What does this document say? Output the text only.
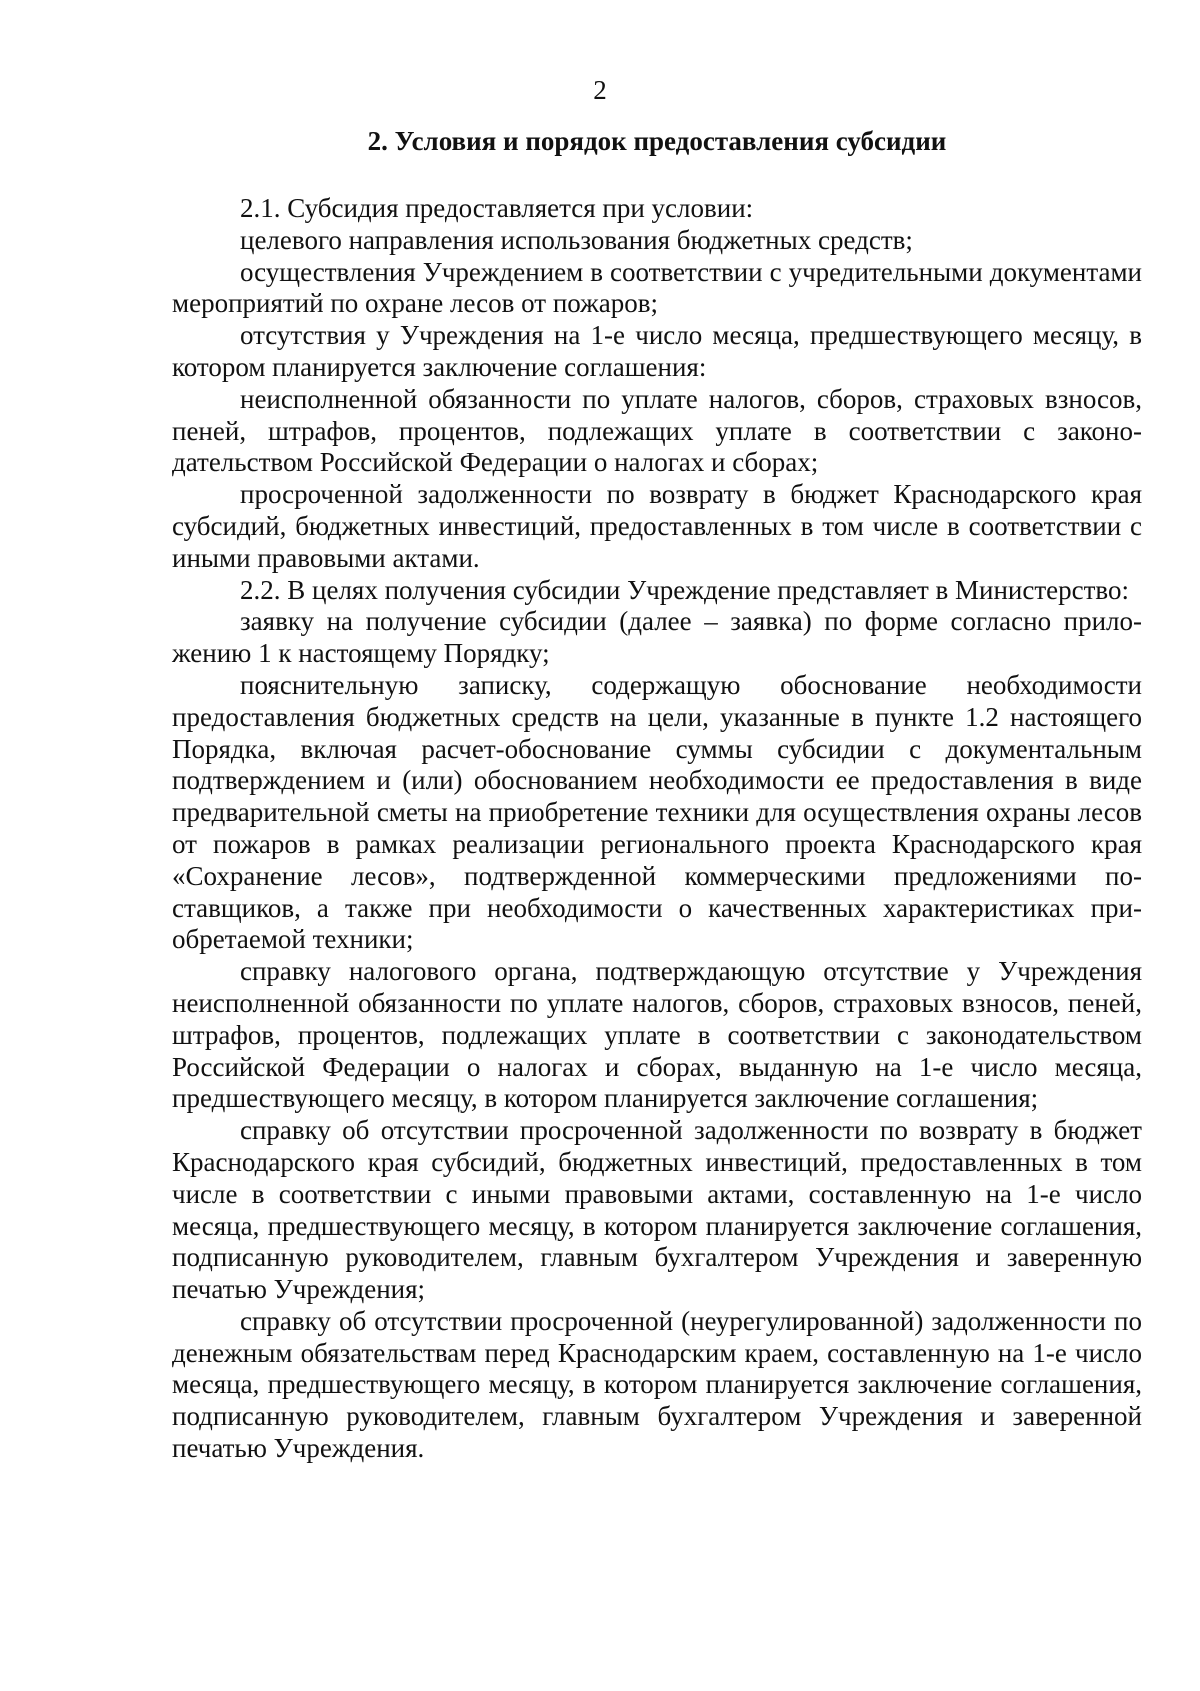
2

2. Условия и порядок предоставления субсидии

2.1. Субсидия предоставляется при условии:

целевого направления использования бюджетных средств;

осуществления Учреждением в соответствии с учредительными документами мероприятий по охране лесов от пожаров;

отсутствия у Учреждения на 1-е число месяца, предшествующего месяцу, в котором планируется заключение соглашения:

неисполненной обязанности по уплате налогов, сборов, страховых взносов, пеней, штрафов, процентов, подлежащих уплате в соответствии с законодательством Российской Федерации о налогах и сборах;

просроченной задолженности по возврату в бюджет Краснодарского края субсидий, бюджетных инвестиций, предоставленных в том числе в соответствии с иными правовыми актами.

2.2. В целях получения субсидии Учреждение представляет в Министерство:

заявку на получение субсидии (далее – заявка) по форме согласно приложению 1 к настоящему Порядку;

пояснительную записку, содержащую обоснование необходимости предоставления бюджетных средств на цели, указанные в пункте 1.2 настоящего Порядка, включая расчет-обоснование суммы субсидии с документальным подтверждением и (или) обоснованием необходимости ее предоставления в виде предварительной сметы на приобретение техники для осуществления охраны лесов от пожаров в рамках реализации регионального проекта Краснодарского края «Сохранение лесов», подтвержденной коммерческими предложениями поставщиков, а также при необходимости о качественных характеристиках приобретаемой техники;

справку налогового органа, подтверждающую отсутствие у Учреждения неисполненной обязанности по уплате налогов, сборов, страховых взносов, пеней, штрафов, процентов, подлежащих уплате в соответствии с законодательством Российской Федерации о налогах и сборах, выданную на 1-е число месяца, предшествующего месяцу, в котором планируется заключение соглашения;

справку об отсутствии просроченной задолженности по возврату в бюджет Краснодарского края субсидий, бюджетных инвестиций, предоставленных в том числе в соответствии с иными правовыми актами, составленную на 1-е число месяца, предшествующего месяцу, в котором планируется заключение соглашения, подписанную руководителем, главным бухгалтером Учреждения и заверенную печатью Учреждения;

справку об отсутствии просроченной (неурегулированной) задолженности по денежным обязательствам перед Краснодарским краем, составленную на 1-е число месяца, предшествующего месяцу, в котором планируется заключение соглашения, подписанную руководителем, главным бухгалтером Учреждения и заверенной печатью Учреждения.
